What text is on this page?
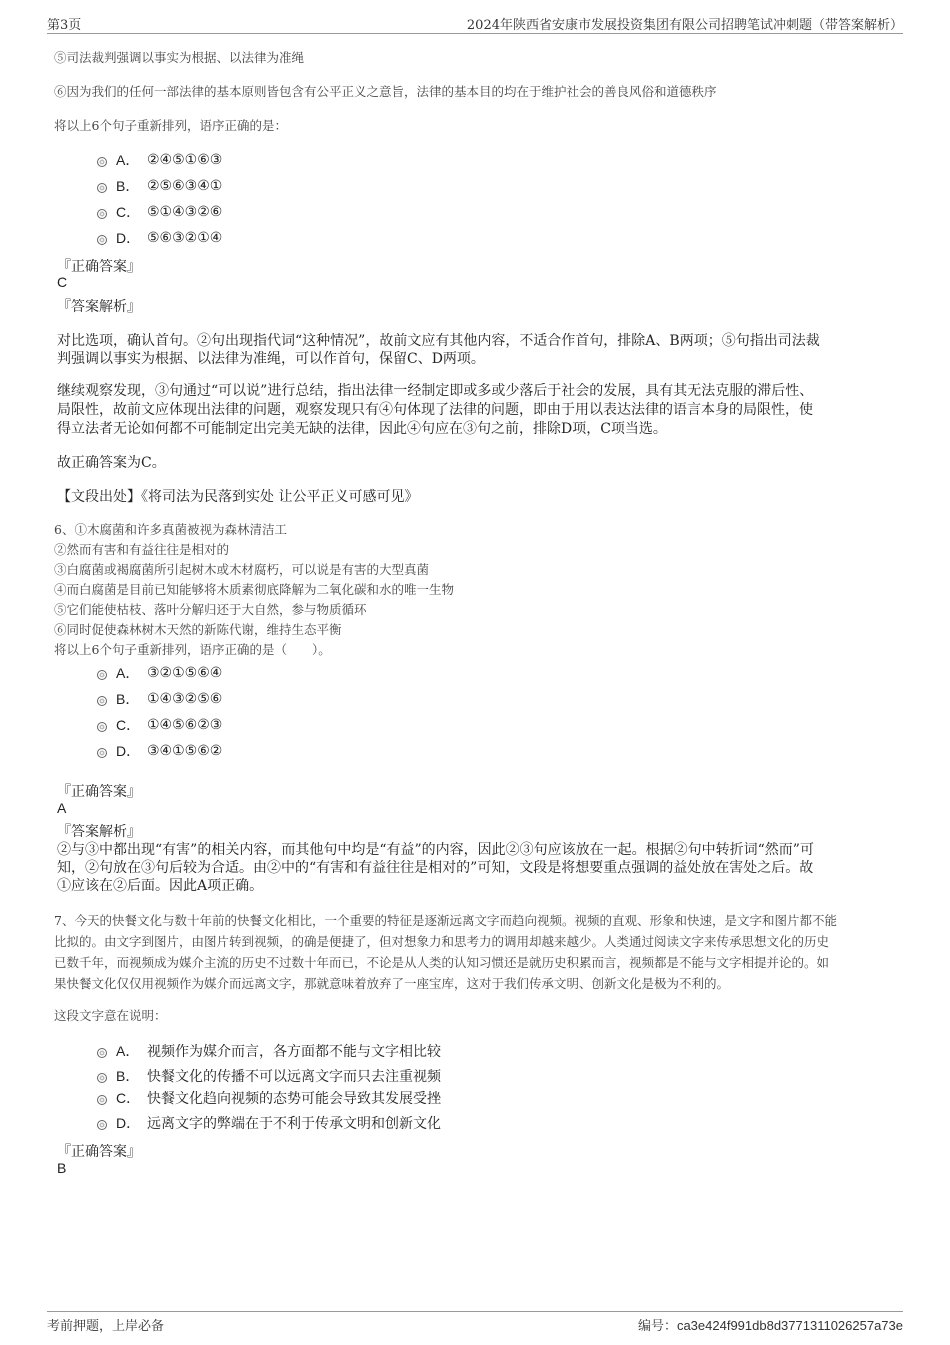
第3页	2024年陕西省安康市发展投资集团有限公司招聘笔试冲刺题（带答案解析）
⑤司法裁判强调以事实为根据、以法律为准绳
⑥因为我们的任何一部法律的基本原则皆包含有公平正义之意旨，法律的基本目的均在于维护社会的善良风俗和道德秩序
将以上6个句子重新排列，语序正确的是：
A． ②④⑤①⑥③
B． ②⑤⑥③④①
C． ⑤①④③②⑥
D． ⑤⑥③②①④
『正确答案』
C
『答案解析』
对比选项，确认首句。②句出现指代词“这种情况”，故前文应有其他内容，不适合作首句，排除A、B两项；⑤句指出司法裁
判强调以事实为根据、以法律为准绳，可以作首句，保留C、D两项。
继续观察发现，③句通过“可以说”进行总结，指出法律一经制定即或多或少落后于社会的发展，具有其无法克服的滞后性、
局限性，故前文应体现出法律的问题，观察发现只有④句体现了法律的问题，即由于用以表达法律的语言本身的局限性，使
得立法者无论如何都不可能制定出完美无缺的法律，因此④句应在③句之前，排除D项，C项当选。
故正确答案为C。
【文段出处】《将司法为民落到实处 让公平正义可感可见》
6、①木腐菌和许多真菌被视为森林清洁工
②然而有害和有益往往是相对的
③白腐菌或褐腐菌所引起树木或木材腐朽，可以说是有害的大型真菌
④而白腐菌是目前已知能够将木质素彻底降解为二氧化碳和水的唯一生物
⑤它们能使枯枝、落叶分解归还于大自然，参与物质循环
⑥同时促使森林树木天然的新陈代谢，维持生态平衡
将以上6个句子重新排列，语序正确的是（　　）。
A． ③②①⑤⑥④
B． ①④③②⑤⑥
C． ①④⑤⑥②③
D． ③④①⑤⑥②
『正确答案』
A
『答案解析』
②与③中都出现“有害”的相关内容，而其他句中均是“有益”的内容，因此②③句应该放在一起。根据②句中转折词“然而”可
知，②句放在③句后较为合适。由②中的“有害和有益往往是相对的”可知，文段是将想要重点强调的益处放在害处之后。故
①应该在②后面。因此A项正确。
7、今天的快餐文化与数十年前的快餐文化相比，一个重要的特征是逐渐远离文字而趋向视频。视频的直观、形象和快速，是文字和图片都不能
比拟的。由文字到图片，由图片转到视频，的确是便捷了，但对想象力和思考力的调用却越来越少。人类通过阅读文字来传承思想文化的历史
已数千年，而视频成为媒介主流的历史不过数十年而已，不论是从人类的认知习惯还是就历史积累而言，视频都是不能与文字相提并论的。如
果快餐文化仅仅用视频作为媒介而远离文字，那就意味着放弃了一座宝库，这对于我们传承文明、创新文化是极为不利的。
这段文字意在说明：
A． 视频作为媒介而言，各方面都不能与文字相比较
B． 快餐文化的传播不可以远离文字而只去注重视频
C． 快餐文化趋向视频的态势可能会导致其发展受挫
D． 远离文字的弊端在于不利于传承文明和创新文化
『正确答案』
B
考前押题，上岸必备	编号：ca3e424f991db8d3771311026257a73e
